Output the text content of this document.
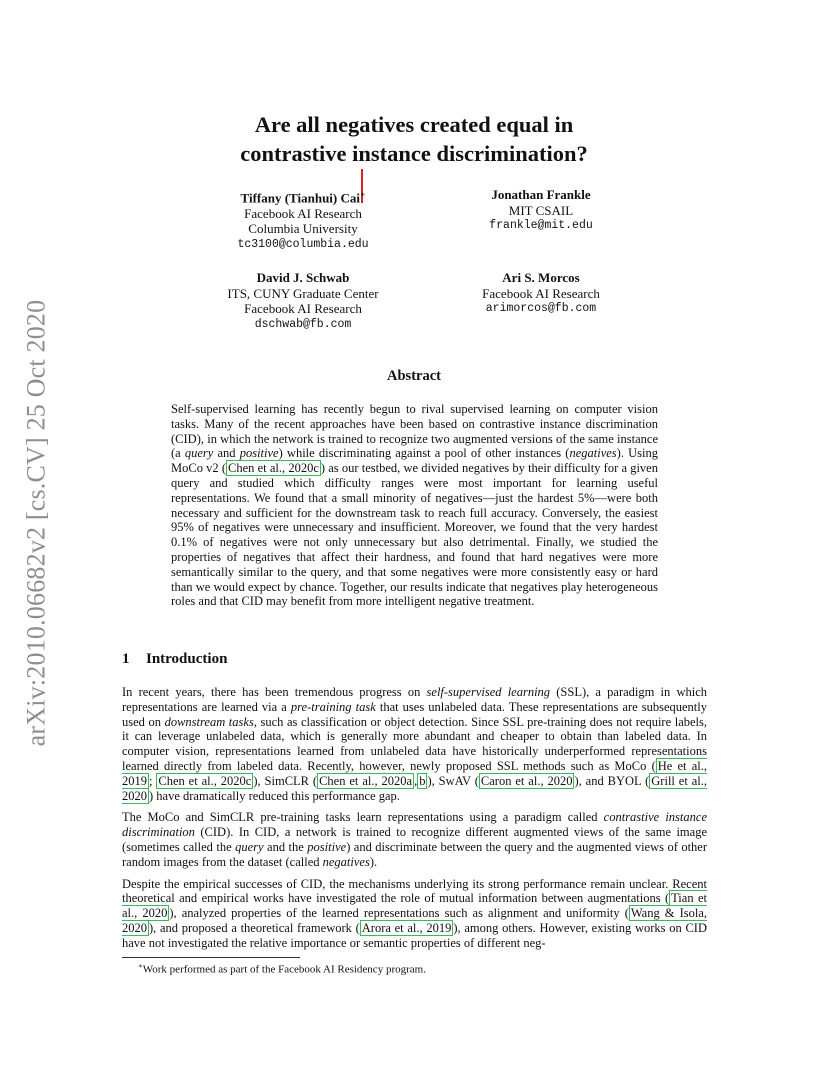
arXiv:2010.06682v2 [cs.CV] 25 Oct 2020
Are all negatives created equal in
contrastive instance discrimination?
Tiffany (Tianhui) Cai∗
Facebook AI Research
Columbia University
tc3100@columbia.edu
Jonathan Frankle
MIT CSAIL
frankle@mit.edu
David J. Schwab
ITS, CUNY Graduate Center
Facebook AI Research
dschwab@fb.com
Ari S. Morcos
Facebook AI Research
arimorcos@fb.com
Abstract
Self-supervised learning has recently begun to rival supervised learning on computer vision tasks. Many of the recent approaches have been based on contrastive instance discrimination (CID), in which the network is trained to recognize two augmented versions of the same instance (a query and positive) while discriminating against a pool of other instances (negatives). Using MoCo v2 ( Chen et al., 2020c ) as our testbed, we divided negatives by their difficulty for a given query and studied which difficulty ranges were most important for learning useful representations. We found that a small minority of negatives—just the hardest 5%—were both necessary and sufficient for the downstream task to reach full accuracy. Conversely, the easiest 95% of negatives were unnecessary and insufficient. Moreover, we found that the very hardest 0.1% of negatives were not only unnecessary but also detrimental. Finally, we studied the properties of negatives that affect their hardness, and found that hard negatives were more semantically similar to the query, and that some negatives were more consistently easy or hard than we would expect by chance. Together, our results indicate that negatives play heterogeneous roles and that CID may benefit from more intelligent negative treatment.
1 Introduction

In recent years, there has been tremendous progress on self-supervised learning (SSL), a paradigm in which representations are learned via a pre-training task that uses unlabeled data. These representations are subsequently used on downstream tasks, such as classification or object detection. Since SSL pre-training does not require labels, it can leverage unlabeled data, which is generally more abundant and cheaper to obtain than labeled data. In computer vision, representations learned from unlabeled data have historically underperformed representations learned directly from labeled data. Recently, however, newly proposed SSL methods such as MoCo ( He et al., 2019 ; Chen et al., 2020c ), SimCLR ( Chen et al., 2020a , b ), SwAV ( Caron et al., 2020 ), and BYOL ( Grill et al., 2020 ) have dramatically reduced this performance gap.

The MoCo and SimCLR pre-training tasks learn representations using a paradigm called contrastive instance discrimination (CID). In CID, a network is trained to recognize different augmented views of the same image (sometimes called the query and the positive) and discriminate between the query and the augmented views of other random images from the dataset (called negatives).

Despite the empirical successes of CID, the mechanisms underlying its strong performance remain unclear. Recent theoretical and empirical works have investigated the role of mutual information between augmentations ( Tian et al., 2020 ), analyzed properties of the learned representations such as alignment and uniformity ( Wang & Isola, 2020 ), and proposed a theoretical framework ( Arora et al., 2019 ), among others. However, existing works on CID have not investigated the relative importance or semantic properties of different neg-

∗Work performed as part of the Facebook AI Residency program.
